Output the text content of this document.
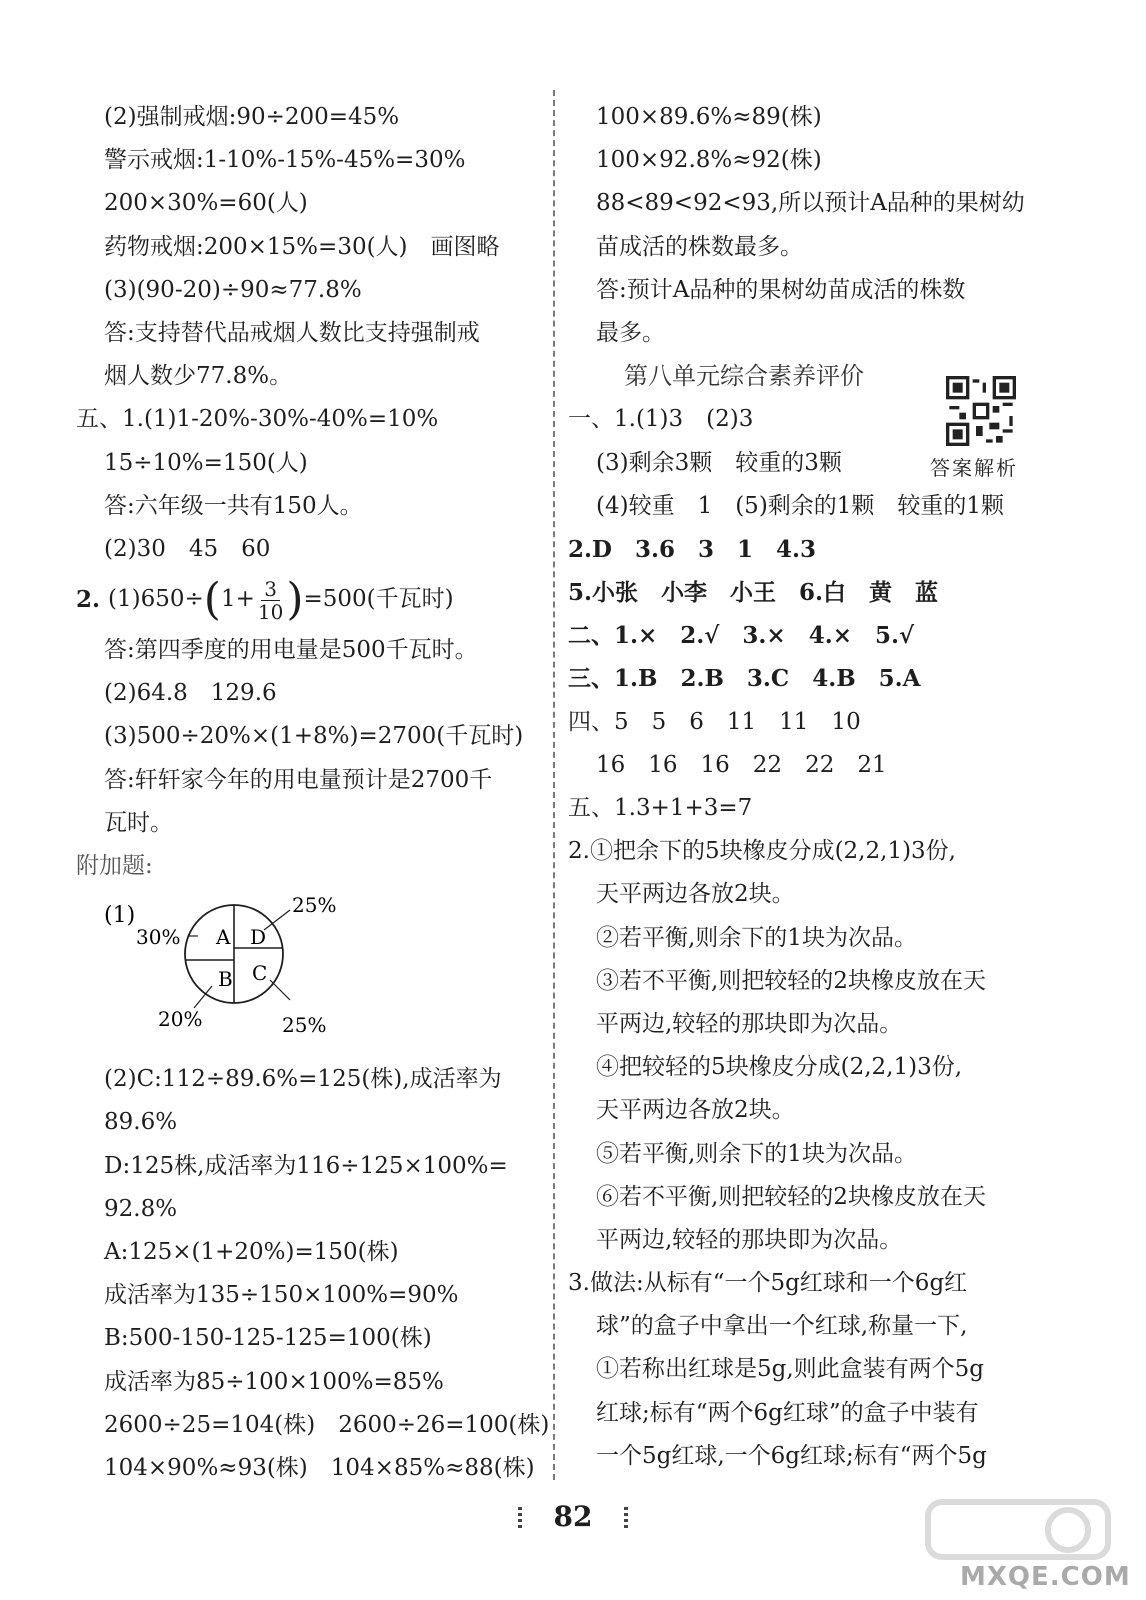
(2)强制戒烟:90÷200=45%
警示戒烟:1-10%-15%-45%=30%
200×30%=60(人)
药物戒烟:200×15%=30(人)　画图略
(3)(90-20)÷90≈77.8%
答:支持替代品戒烟人数比支持强制戒
烟人数少77.8%。
五、1.(1)1-20%-30%-40%=10%
15÷10%=150(人)
答:六年级一共有150人。
(2)30　45　60
2. (1)650÷ ( $1+ \frac{3}{10}$ ) =500(千瓦时)
答:第四季度的用电量是500千瓦时。
(2)64.8　129.6
(3)500÷20%×(1+8%)=2700(千瓦时)
答:轩轩家今年的用电量预计是2700千
瓦时。
附加题:
(1)
A D
B C
30%
25%
20%	25%
(2)C:112÷89.6%=125(株),成活率为
89.6%
D:125株,成活率为116÷125×100%=
92.8%
A:125×(1+20%)=150(株)
成活率为135÷150×100%=90%
B:500-150-125-125=100(株)
成活率为85÷100×100%=85%
2600÷25=104(株)　2600÷26=100(株)
104×90%≈93(株)　104×85%≈88(株)
100×89.6%≈89(株)
100×92.8%≈92(株)
88<89<92<93,所以预计A品种的果树幼
苗成活的株数最多。
答:预计A品种的果树幼苗成活的株数
最多。
第八单元综合素养评价
一、1.(1)3　(2)3
(3)剩余3颗　较重的3颗
(4)较重　1　(5)剩余的1颗　较重的1颗
2.D　3.6　3　1　4.3
5.小张　小李　小王　6.白　黄　蓝
二、1.×　2.√　3.×　4.×　5.√
三、1.B　2.B　3.C　4.B　5.A
四、5　5　6　11　11　10
16　16　16　22　22　21
五、1.3+1+3=7
2.①把余下的5块橡皮分成(2,2,1)3份,
天平两边各放2块。
②若平衡,则余下的1块为次品。
③若不平衡,则把较轻的2块橡皮放在天
平两边,较轻的那块即为次品。
④把较轻的5块橡皮分成(2,2,1)3份,
天平两边各放2块。
⑤若平衡,则余下的1块为次品。
⑥若不平衡,则把较轻的2块橡皮放在天
平两边,较轻的那块即为次品。
3.做法:从标有“一个5g红球和一个6g红
球”的盒子中拿出一个红球,称量一下,
①若称出红球是5g,则此盒装有两个5g
红球;标有“两个6g红球”的盒子中装有
一个5g红球,一个6g红球;标有“两个5g
答案解析
82
MXQE.COM
